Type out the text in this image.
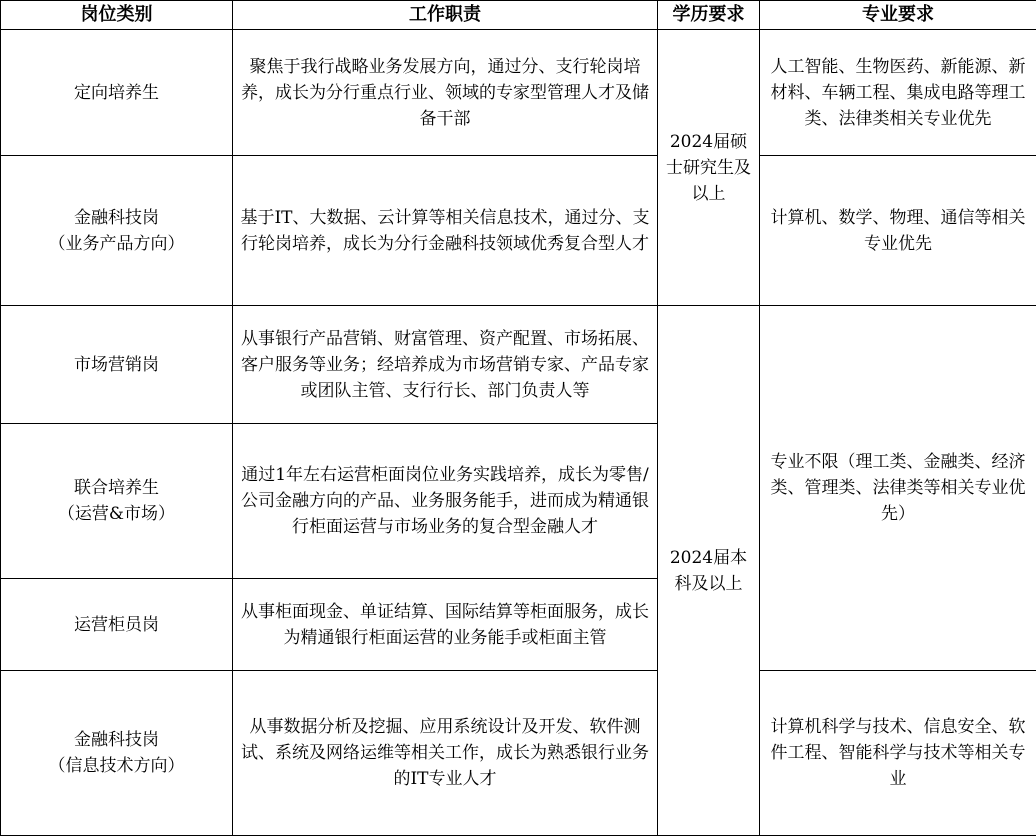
岗位类别	工作职责	学历要求	专业要求

定向培养生	聚焦于我行战略业务发展方向，通过分、支行轮岗培养，成长为分行重点行业、领域的专家型管理人才及储备干部	2024届硕士研究生及以上	人工智能、生物医药、新能源、新材料、车辆工程、集成电路等理工类、法律类相关专业优先

金融科技岗
（业务产品方向）	基于IT、大数据、云计算等相关信息技术，通过分、支行轮岗培养，成长为分行金融科技领域优秀复合型人才		计算机、数学、物理、通信等相关专业优先

市场营销岗	从事银行产品营销、财富管理、资产配置、市场拓展、客户服务等业务；经培养成为市场营销专家、产品专家或团队主管、支行行长、部门负责人等	2024届本科及以上	专业不限（理工类、金融类、经济类、管理类、法律类等相关专业优先）

联合培养生
（运营&市场）	通过1年左右运营柜面岗位业务实践培养，成长为零售/公司金融方向的产品、业务服务能手，进而成为精通银行柜面运营与市场业务的复合型金融人才		

运营柜员岗	从事柜面现金、单证结算、国际结算等柜面服务，成长为精通银行柜面运营的业务能手或柜面主管		

金融科技岗
（信息技术方向）	从事数据分析及挖掘、应用系统设计及开发、软件测试、系统及网络运维等相关工作，成长为熟悉银行业务的IT专业人才		计算机科学与技术、信息安全、软件工程、智能科学与技术等相关专业
